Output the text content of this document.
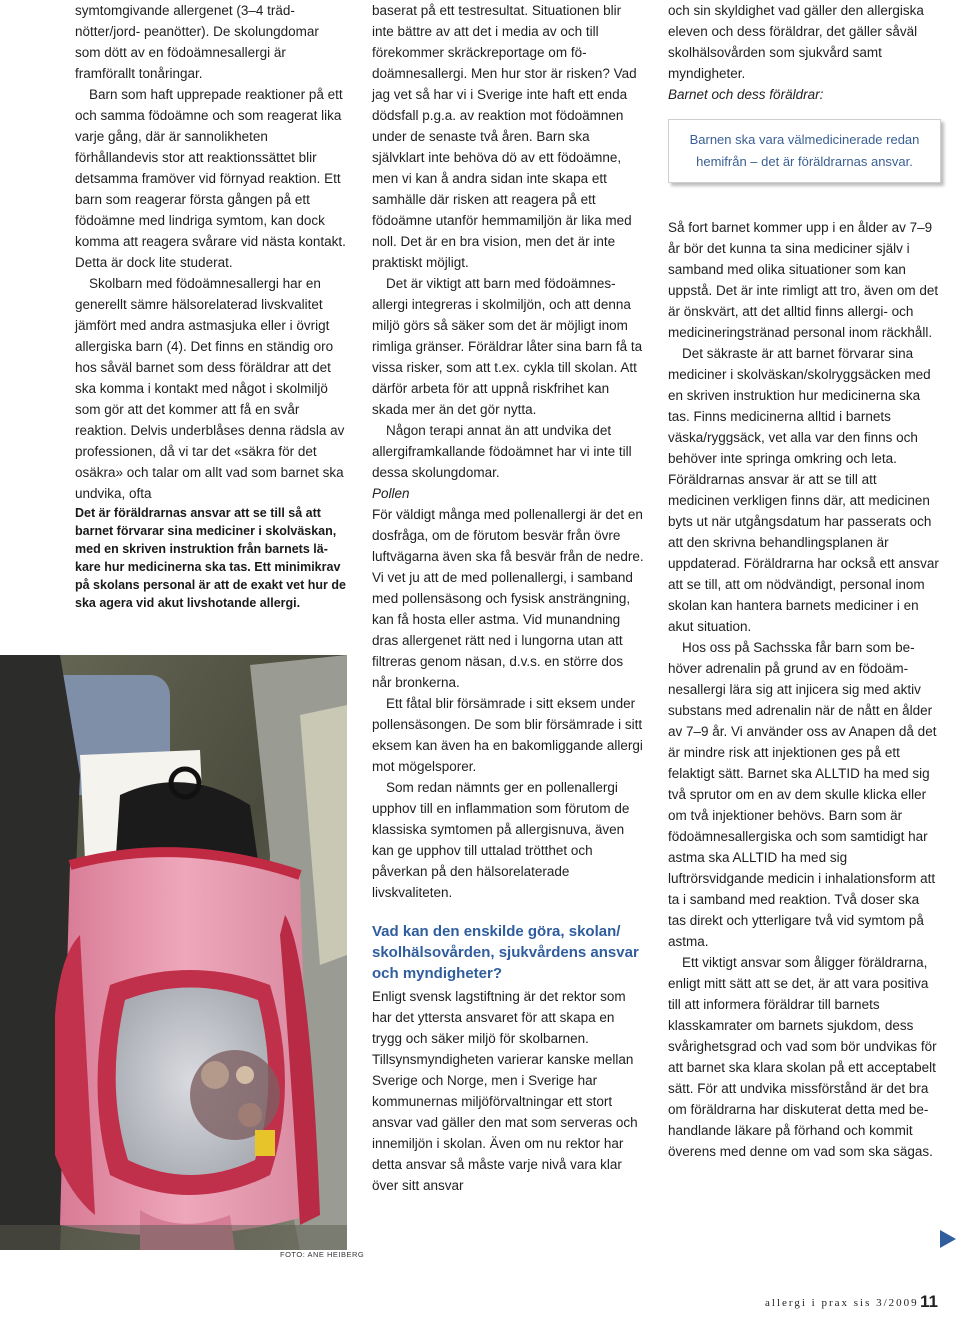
symtomgivande allergenet (3–4 trädnötter/jord- peanötter). De skolungdomar som dött av en födoämnesallergi är framförallt tonåringar.

Barn som haft upprepade reaktioner på ett och samma födoämne och som reagerat lika varje gång, där är sannolikheten förhållandevis stor att reaktionssättet blir detsamma framöver vid förnyad reaktion. Ett barn som reagerar första gången på ett födoämne med lindriga symtom, kan dock komma att reagera svårare vid nästa kontakt. Detta är dock lite studerat.

Skolbarn med födoämnesallergi har en generellt sämre hälsorelaterad livskvalitet jämfört med andra astmasjuka eller i övrigt allergiska barn (4). Det finns en ständig oro hos såväl barnet som dess föräldrar att det ska komma i kontakt med något i skolmiljö som gör att det kommer att få en svår reaktion. Delvis underblåses denna rädsla av professionen, då vi tar det «säkra för det osäkra» och talar om allt vad som barnet ska undvika, ofta

Det är föräldrarnas ansvar att se till så att barnet förvarar sina mediciner i skolväskan, med en skriven instruktion från barnets läkare hur medicinerna ska tas. Ett minimikrav på skolans personal är att de exakt vet hur de ska agera vid akut livshotande allergi.

FOTO: ANE HEIBERG

baserat på ett testresultat. Situationen blir inte bättre av att det i media av och till förekommer skräckreportage om födoämnesallergi. Men hur stor är risken? Vad jag vet så har vi i Sverige inte haft ett enda dödsfall p.g.a. av reaktion mot födoämnen under de senaste två åren. Barn ska självklart inte behöva dö av ett födoämne, men vi kan å andra sidan inte skapa ett samhälle där risken att reagera på ett födoämne utanför hemmamiljön är lika med noll. Det är en bra vision, men det är inte praktiskt möjligt.

Det är viktigt att barn med födoämnesallergi integreras i skolmiljön, och att denna miljö görs så säker som det är möjligt inom rimliga gränser. Föräldrar låter sina barn få ta vissa risker, som att t.ex. cykla till skolan. Att därför arbeta för att uppnå riskfrihet kan skada mer än det gör nytta.

Någon terapi annat än att undvika det allergiframkallande födoämnet har vi inte till dessa skolungdomar.

Pollen

För väldigt många med pollenallergi är det en dosfråga, om de förutom besvär från övre luftvägarna även ska få besvär från de nedre. Vi vet ju att de med pollenallergi, i samband med pollensäsong och fysisk ansträngning, kan få hosta eller astma. Vid munandning dras allergenet rätt ned i lungorna utan att filtreras genom näsan, d.v.s. en större dos når bronkerna.

Ett fåtal blir försämrade i sitt eksem under pollensäsongen. De som blir försämrade i sitt eksem kan även ha en bakomliggande allergi mot mögelsporer.

Som redan nämnts ger en pollenallergi upphov till en inflammation som förutom de klassiska symtomen på allergisnuva, även kan ge upphov till uttalad trötthet och påverkan på den hälsorelaterade livskvaliteten.

Vad kan den enskilde göra, skolan/ skolhälsovården, sjukvårdens ansvar och myndigheter?

Enligt svensk lagstiftning är det rektor som har det yttersta ansvaret för att skapa en trygg och säker miljö för skolbarnen. Tillsynsmyndigheten varierar kanske mellan Sverige och Norge, men i Sverige har kommunernas miljöförvaltningar ett stort ansvar vad gäller den mat som serveras och innemiljön i skolan. Även om nu rektor har detta ansvar så måste varje nivå vara klar över sitt ansvar

och sin skyldighet vad gäller den allergiska eleven och dess föräldrar, det gäller såväl skolhälsovården som sjukvård samt myndigheter.

Barnet och dess föräldrar:

Barnen ska vara välmedicinerade redan hemifrån – det är föräldrarnas ansvar.

Så fort barnet kommer upp i en ålder av 7–9 år bör det kunna ta sina mediciner själv i samband med olika situationer som kan uppstå. Det är inte rimligt att tro, även om det är önskvärt, att det alltid finns allergi- och medicineringstränad personal inom räckhåll.

Det säkraste är att barnet förvarar sina mediciner i skolväskan/skolryggsäcken med en skriven instruktion hur medicinerna ska tas. Finns medicinerna alltid i barnets väska/ryggsäck, vet alla var den finns och behöver inte springa omkring och leta. Föräldrarnas ansvar är att se till att medicinen verkligen finns där, att medicinen byts ut när utgångsdatum har passerats och att den skrivna behandlingsplanen är uppdaterad. Föräldrarna har också ett ansvar att se till, att om nödvändigt, personal inom skolan kan hantera barnets mediciner i en akut situation.

Hos oss på Sachsska får barn som behöver adrenalin på grund av en födoämnesallergi lära sig att injicera sig med aktiv substans med adrenalin när de nått en ålder av 7–9 år. Vi använder oss av Anapen då det är mindre risk att injektionen ges på ett felaktigt sätt. Barnet ska ALLTID ha med sig två sprutor om en av dem skulle klicka eller om två injektioner behövs. Barn som är födoämnesallergiska och som samtidigt har astma ska ALLTID ha med sig luftrörsvidgande medicin i inhalationsform att ta i samband med reaktion. Två doser ska tas direkt och ytterligare två vid symtom på astma.

Ett viktigt ansvar som åligger föräldrarna, enligt mitt sätt att se det, är att vara positiva till att informera föräldrar till barnets klasskamrater om barnets sjukdom, dess svårighetsgrad och vad som bör undvikas för att barnet ska klara skolan på ett acceptabelt sätt. För att undvika missförstånd är det bra om föräldrarna har diskuterat detta med behandlande läkare på förhand och kommit överens med denne om vad som ska sägas.

allergi i prax sis 3/2009 11
